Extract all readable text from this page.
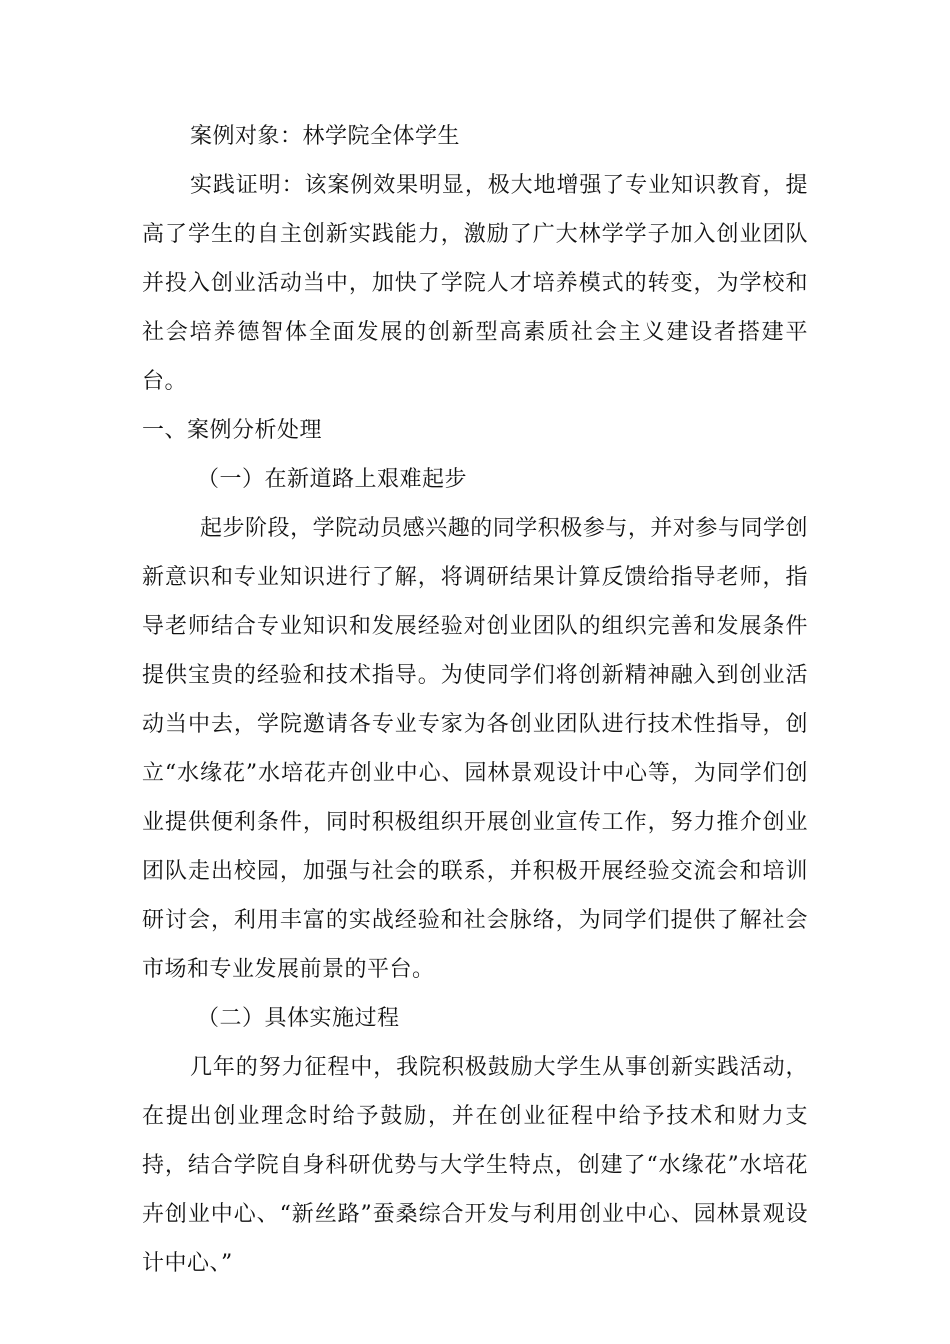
案例对象：林学院全体学生

实践证明：该案例效果明显，极大地增强了专业知识教育，提高了学生的自主创新实践能力，激励了广大林学学子加入创业团队并投入创业活动当中，加快了学院人才培养模式的转变，为学校和社会培养德智体全面发展的创新型高素质社会主义建设者搭建平台。

一、案例分析处理

（一）在新道路上艰难起步

起步阶段，学院动员感兴趣的同学积极参与，并对参与同学创新意识和专业知识进行了解，将调研结果计算反馈给指导老师，指导老师结合专业知识和发展经验对创业团队的组织完善和发展条件提供宝贵的经验和技术指导。为使同学们将创新精神融入到创业活动当中去，学院邀请各专业专家为各创业团队进行技术性指导，创立“水缘花”水培花卉创业中心、园林景观设计中心等，为同学们创业提供便利条件，同时积极组织开展创业宣传工作，努力推介创业团队走出校园，加强与社会的联系，并积极开展经验交流会和培训研讨会，利用丰富的实战经验和社会脉络，为同学们提供了解社会市场和专业发展前景的平台。

（二）具体实施过程

几年的努力征程中，我院积极鼓励大学生从事创新实践活动，在提出创业理念时给予鼓励，并在创业征程中给予技术和财力支持，结合学院自身科研优势与大学生特点，创建了“水缘花”水培花卉创业中心、“新丝路”蚕桑综合开发与利用创业中心、园林景观设计中心、”
